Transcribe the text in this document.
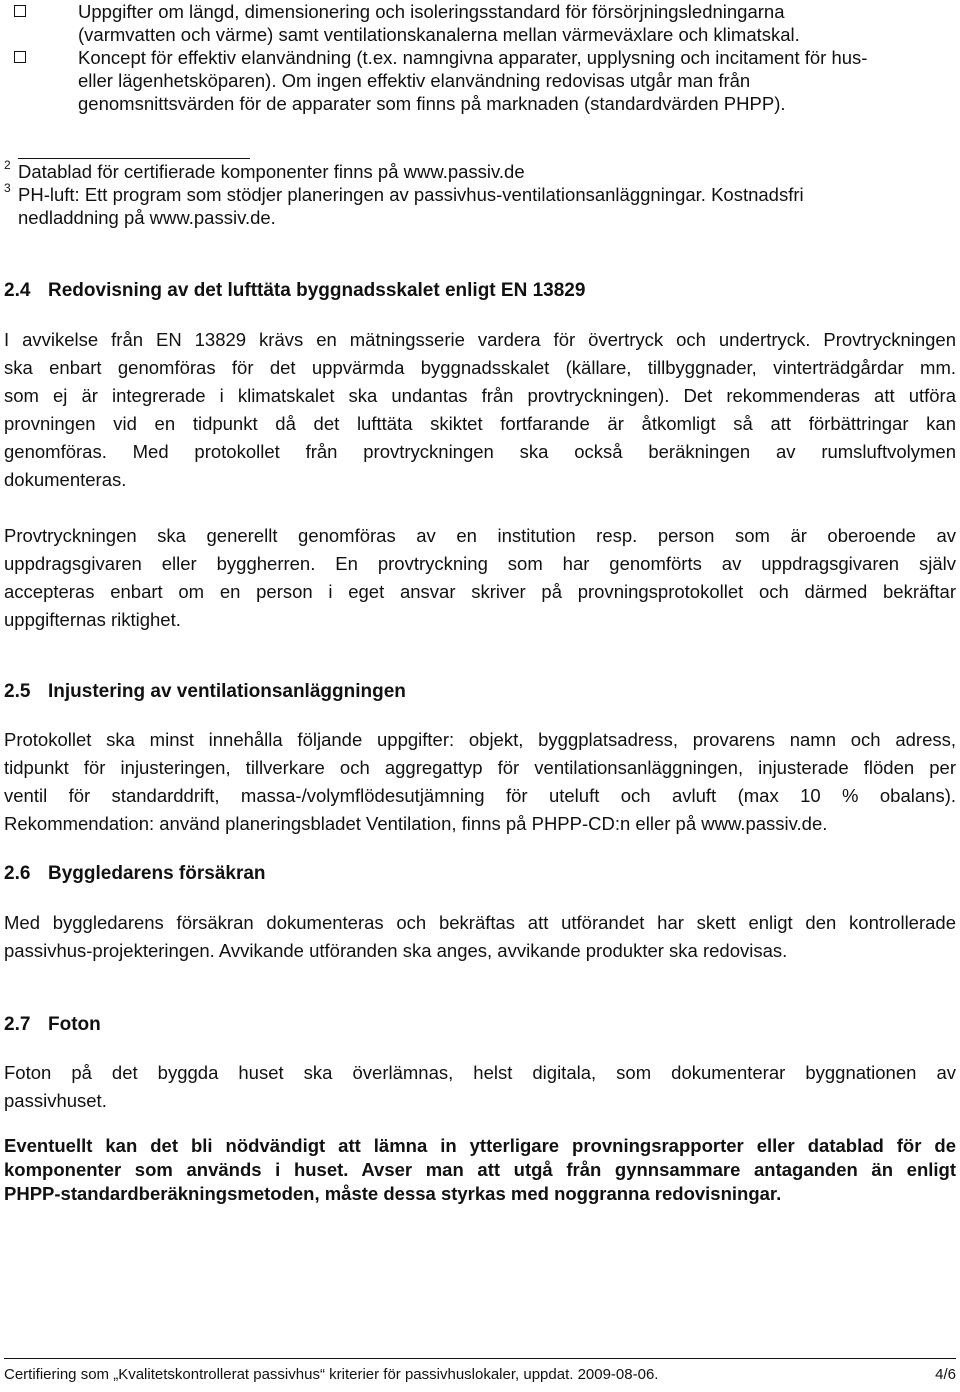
Uppgifter om längd, dimensionering och isoleringsstandard för försörjningsledningarna
(varmvatten och värme) samt ventilationskanalerna mellan värmeväxlare och klimatskal.
Koncept för effektiv elanvändning (t.ex. namngivna apparater, upplysning och incitament för hus-
eller lägenhetsköparen). Om ingen effektiv elanvändning redovisas utgår man från
genomsnittsvärden för de apparater som finns på marknaden (standardvärden PHPP).
2 Datablad för certifierade komponenter finns på www.passiv.de
3 PH-luft: Ett program som stödjer planeringen av passivhus-ventilationsanläggningar. Kostnadsfri
nedladdning på www.passiv.de.

2.4 Redovisning av det lufttäta byggnadsskalet enligt EN 13829

I avvikelse från EN 13829 krävs en mätningsserie vardera för övertryck och undertryck. Provtryckningen
ska enbart genomföras för det uppvärmda byggnadsskalet (källare, tillbyggnader, vinterträdgårdar mm.
som ej är integrerade i klimatskalet ska undantas från provtryckningen). Det rekommenderas att utföra
provningen vid en tidpunkt då det lufttäta skiktet fortfarande är åtkomligt så att förbättringar kan
genomföras. Med protokollet från provtryckningen ska också beräkningen av rumsluftvolymen
dokumenteras.

Provtryckningen ska generellt genomföras av en institution resp. person som är oberoende av
uppdragsgivaren eller byggherren. En provtryckning som har genomförts av uppdragsgivaren själv
accepteras enbart om en person i eget ansvar skriver på provningsprotokollet och därmed bekräftar
uppgifternas riktighet.

2.5 Injustering av ventilationsanläggningen

Protokollet ska minst innehålla följande uppgifter: objekt, byggplatsadress, provarens namn och adress,
tidpunkt för injusteringen, tillverkare och aggregattyp för ventilationsanläggningen, injusterade flöden per
ventil för standarddrift, massa-/volymflödesutjämning för uteluft och avluft (max 10 % obalans).
Rekommendation: använd planeringsbladet Ventilation, finns på PHPP-CD:n eller på www.passiv.de.

2.6 Byggledarens försäkran

Med byggledarens försäkran dokumenteras och bekräftas att utförandet har skett enligt den kontrollerade
passivhus-projekteringen. Avvikande utföranden ska anges, avvikande produkter ska redovisas.

2.7 Foton

Foton på det byggda huset ska överlämnas, helst digitala, som dokumenterar byggnationen av
passivhuset.

Eventuellt kan det bli nödvändigt att lämna in ytterligare provningsrapporter eller datablad för de
komponenter som används i huset. Avser man att utgå från gynnsammare antaganden än enligt
PHPP-standardberäkningsmetoden, måste dessa styrkas med noggranna redovisningar.

Certifiering som „Kvalitetskontrollerat passivhus“ kriterier för passivhuslokaler, uppdat. 2009-08-06.	4/6
